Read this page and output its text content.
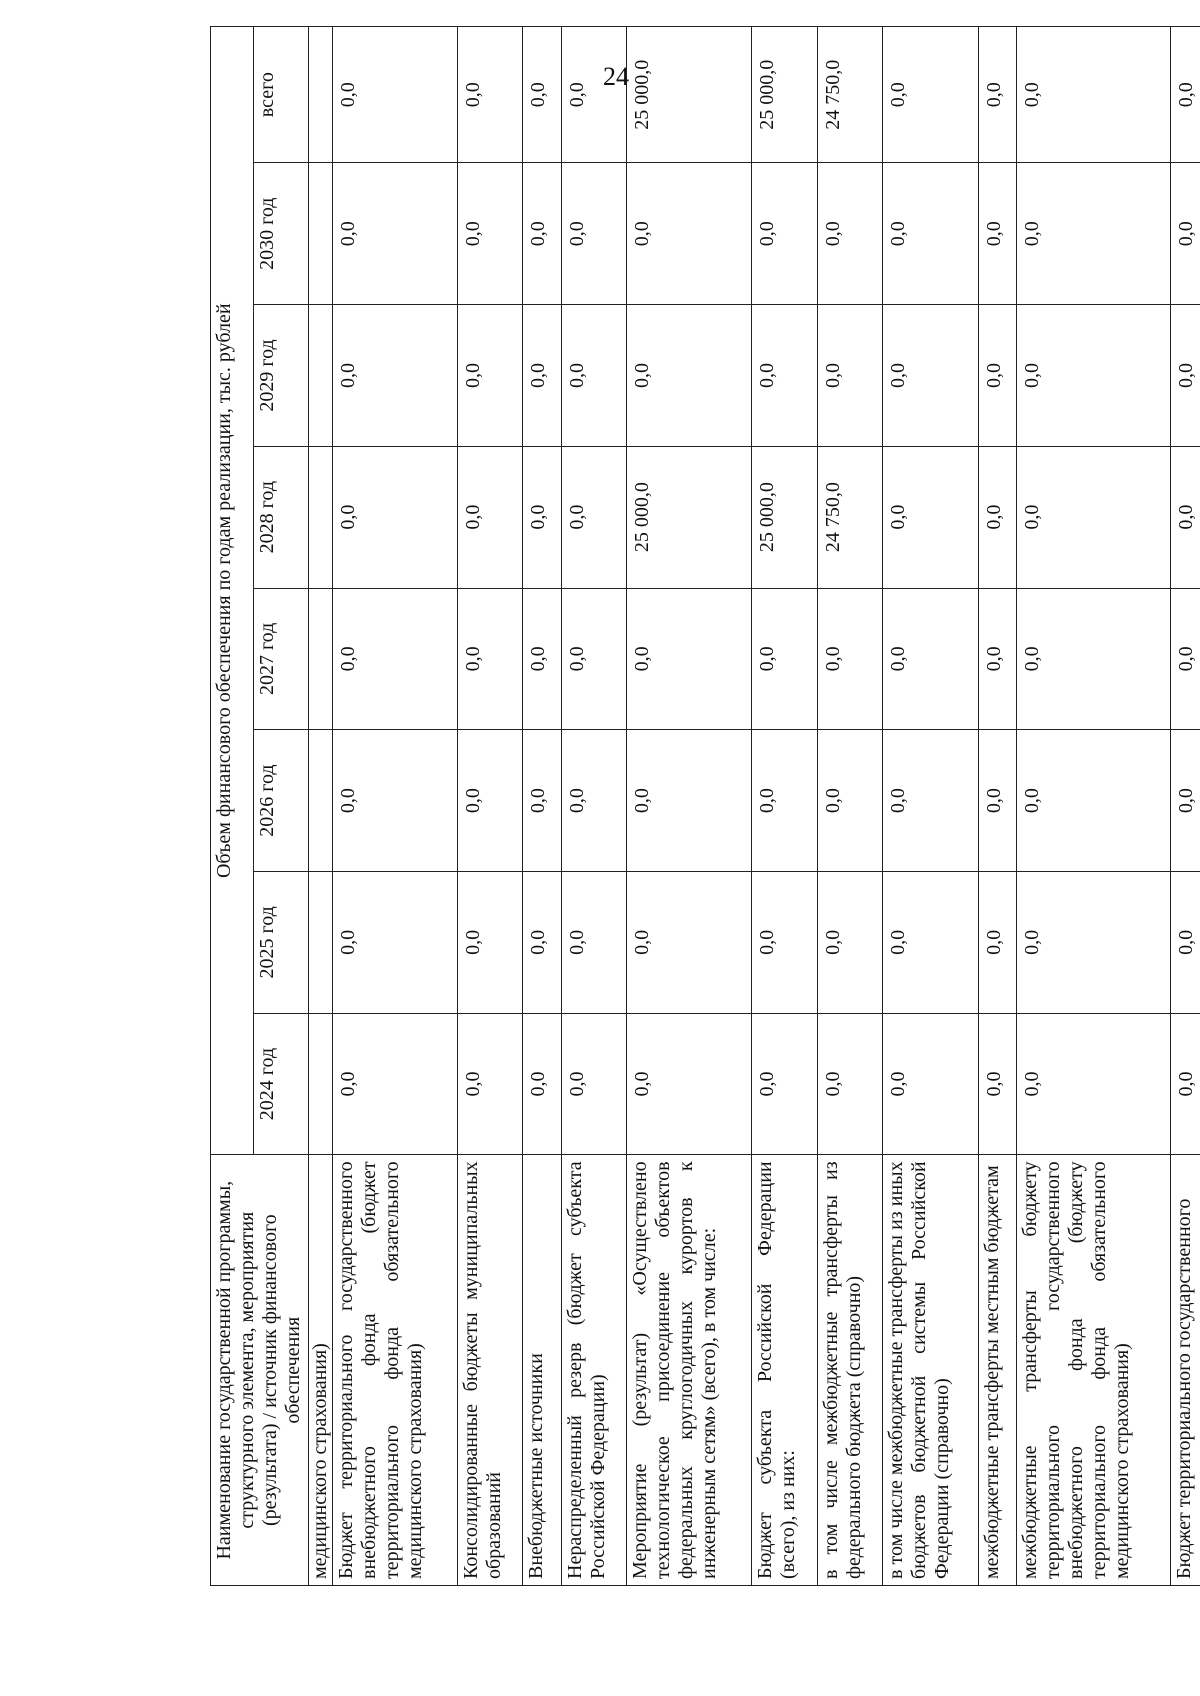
24
Наименование государственной программы, структурного элемента, мероприятия (результата) / источник финансового обеспечения	Объем финансового обеспечения по годам реализации, тыс. рублей							
	2024 год	2025 год	2026 год	2027 год	2028 год	2029 год	2030 год	всего
медицинского страхования)								
Бюджет территориального государственного внебюджетного фонда (бюджет территориального фонда обязательного медицинского страхования)	0,0	0,0	0,0	0,0	0,0	0,0	0,0	0,0
Консолидированные бюджеты муниципальных образований	0,0	0,0	0,0	0,0	0,0	0,0	0,0	0,0
Внебюджетные источники	0,0	0,0	0,0	0,0	0,0	0,0	0,0	0,0
Нераспределенный резерв (бюджет субъекта Российской Федерации)	0,0	0,0	0,0	0,0	0,0	0,0	0,0	0,0
Мероприятие (результат) «Осуществлено технологическое присоединение объектов федеральных круглогодичных курортов к инженерным сетям» (всего), в том числе:	0,0	0,0	0,0	0,0	25 000,0	0,0	0,0	25 000,0
Бюджет субъекта Российской Федерации (всего), из них:	0,0	0,0	0,0	0,0	25 000,0	0,0	0,0	25 000,0
в том числе межбюджетные трансферты из федерального бюджета (справочно)	0,0	0,0	0,0	0,0	24 750,0	0,0	0,0	24 750,0
в том числе межбюджетные трансферты из иных бюджетов бюджетной системы Российской Федерации (справочно)	0,0	0,0	0,0	0,0	0,0	0,0	0,0	0,0
межбюджетные трансферты местным бюджетам	0,0	0,0	0,0	0,0	0,0	0,0	0,0	0,0
межбюджетные трансферты бюджету территориального государственного внебюджетного фонда (бюджету территориального фонда обязательного медицинского страхования)	0,0	0,0	0,0	0,0	0,0	0,0	0,0	0,0
Бюджет территориального государственного	0,0	0,0	0,0	0,0	0,0	0,0	0,0	0,0
